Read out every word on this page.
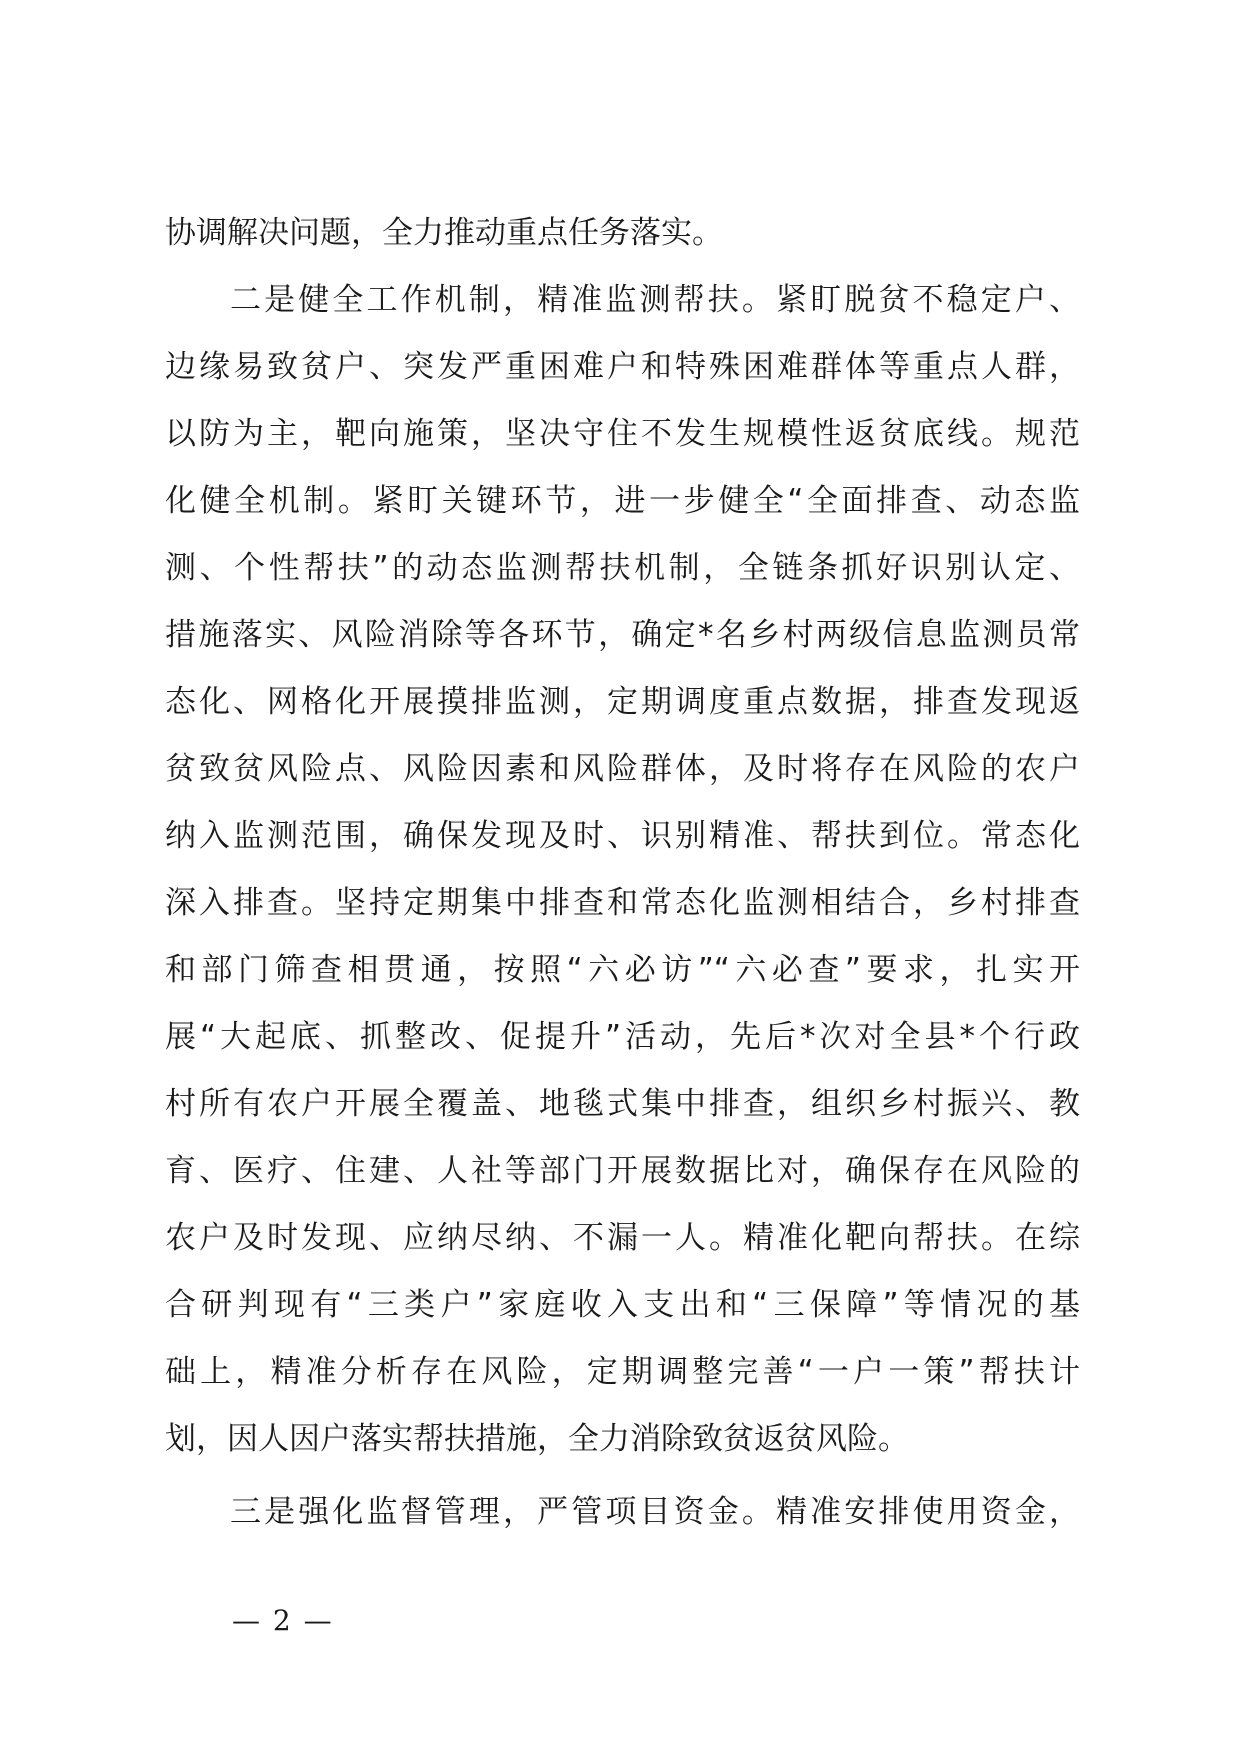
协调解决问题，全力推动重点任务落实。
二是健全工作机制，精准监测帮扶。紧盯脱贫不稳定户、
边缘易致贫户、突发严重困难户和特殊困难群体等重点人群，
以防为主，靶向施策，坚决守住不发生规模性返贫底线。规范
化健全机制。紧盯关键环节，进一步健全“全面排查、动态监
测、个性帮扶”的动态监测帮扶机制，全链条抓好识别认定、
措施落实、风险消除等各环节，确定*名乡村两级信息监测员常
态化、网格化开展摸排监测，定期调度重点数据，排查发现返
贫致贫风险点、风险因素和风险群体，及时将存在风险的农户
纳入监测范围，确保发现及时、识别精准、帮扶到位。常态化
深入排查。坚持定期集中排查和常态化监测相结合，乡村排查
和部门筛查相贯通，按照“六必访”“六必查”要求，扎实开
展“大起底、抓整改、促提升”活动，先后*次对全县*个行政
村所有农户开展全覆盖、地毯式集中排查，组织乡村振兴、教
育、医疗、住建、人社等部门开展数据比对，确保存在风险的
农户及时发现、应纳尽纳、不漏一人。精准化靶向帮扶。在综
合研判现有“三类户”家庭收入支出和“三保障”等情况的基
础上，精准分析存在风险，定期调整完善“一户一策”帮扶计
划，因人因户落实帮扶措施，全力消除致贫返贫风险。
三是强化监督管理，严管项目资金。精准安排使用资金，
— 2 —
